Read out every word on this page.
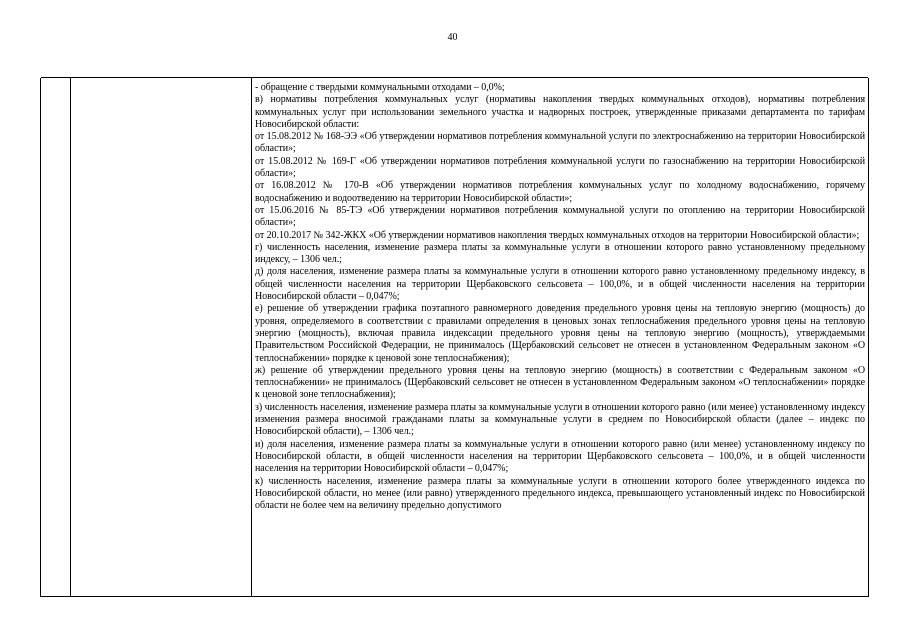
40

- обращение с твердыми коммунальными отходами – 0,0%;

в) нормативы потребления коммунальных услуг (нормативы накопления твердых коммунальных отходов), нормативы потребления коммунальных услуг при использовании земельного участка и надворных построек, утвержденные приказами департамента по тарифам Новосибирской области:

от 15.08.2012 № 168-ЭЭ «Об утверждении нормативов потребления коммунальной услуги по электроснабжению на территории Новосибирской области»;

от 15.08.2012 № 169-Г «Об утверждении нормативов потребления коммунальной услуги по газоснабжению на территории Новосибирской области»;

от 16.08.2012 № 170-В «Об утверждении нормативов потребления коммунальных услуг по холодному водоснабжению, горячему водоснабжению и водоотведению на территории Новосибирской области»;

от 15.06.2016 № 85-ТЭ «Об утверждении нормативов потребления коммунальной услуги по отоплению на территории Новосибирской области»;

от 20.10.2017 № 342-ЖКХ «Об утверждении нормативов накопления твердых коммунальных отходов на территории Новосибирской области»;

г) численность населения, изменение размера платы за коммунальные услуги в отношении которого равно установленному предельному индексу, – 1306 чел.;

д) доля населения, изменение размера платы за коммунальные услуги в отношении которого равно установленному предельному индексу, в общей численности населения на территории Щербаковского сельсовета – 100,0%, и в общей численности населения на территории Новосибирской области – 0,047%;

е) решение об утверждении графика поэтапного равномерного доведения предельного уровня цены на тепловую энергию (мощность) до уровня, определяемого в соответствии с правилами определения в ценовых зонах теплоснабжения предельного уровня цены на тепловую энергию (мощность), включая правила индексации предельного уровня цены на тепловую энергию (мощность), утверждаемыми Правительством Российской Федерации, не принималось (Щербаковский сельсовет не отнесен в установленном Федеральным законом «О теплоснабжении» порядке к ценовой зоне теплоснабжения);

ж) решение об утверждении предельного уровня цены на тепловую энергию (мощность) в соответствии с Федеральным законом «О теплоснабжении» не принималось (Щербаковский сельсовет не отнесен в установленном Федеральным законом «О теплоснабжении» порядке к ценовой зоне теплоснабжения);

з) численность населения, изменение размера платы за коммунальные услуги в отношении которого равно (или менее) установленному индексу изменения размера вносимой гражданами платы за коммунальные услуги в среднем по Новосибирской области (далее – индекс по Новосибирской области), – 1306 чел.;

и) доля населения, изменение размера платы за коммунальные услуги в отношении которого равно (или менее) установленному индексу по Новосибирской области, в общей численности населения на территории Щербаковского сельсовета – 100,0%, и в общей численности населения на территории Новосибирской области – 0,047%;

к) численность населения, изменение размера платы за коммунальные услуги в отношении которого более утвержденного индекса по Новосибирской области, но менее (или равно) утвержденного предельного индекса, превышающего установленный индекс по Новосибирской области не более чем на величину предельно допустимого
